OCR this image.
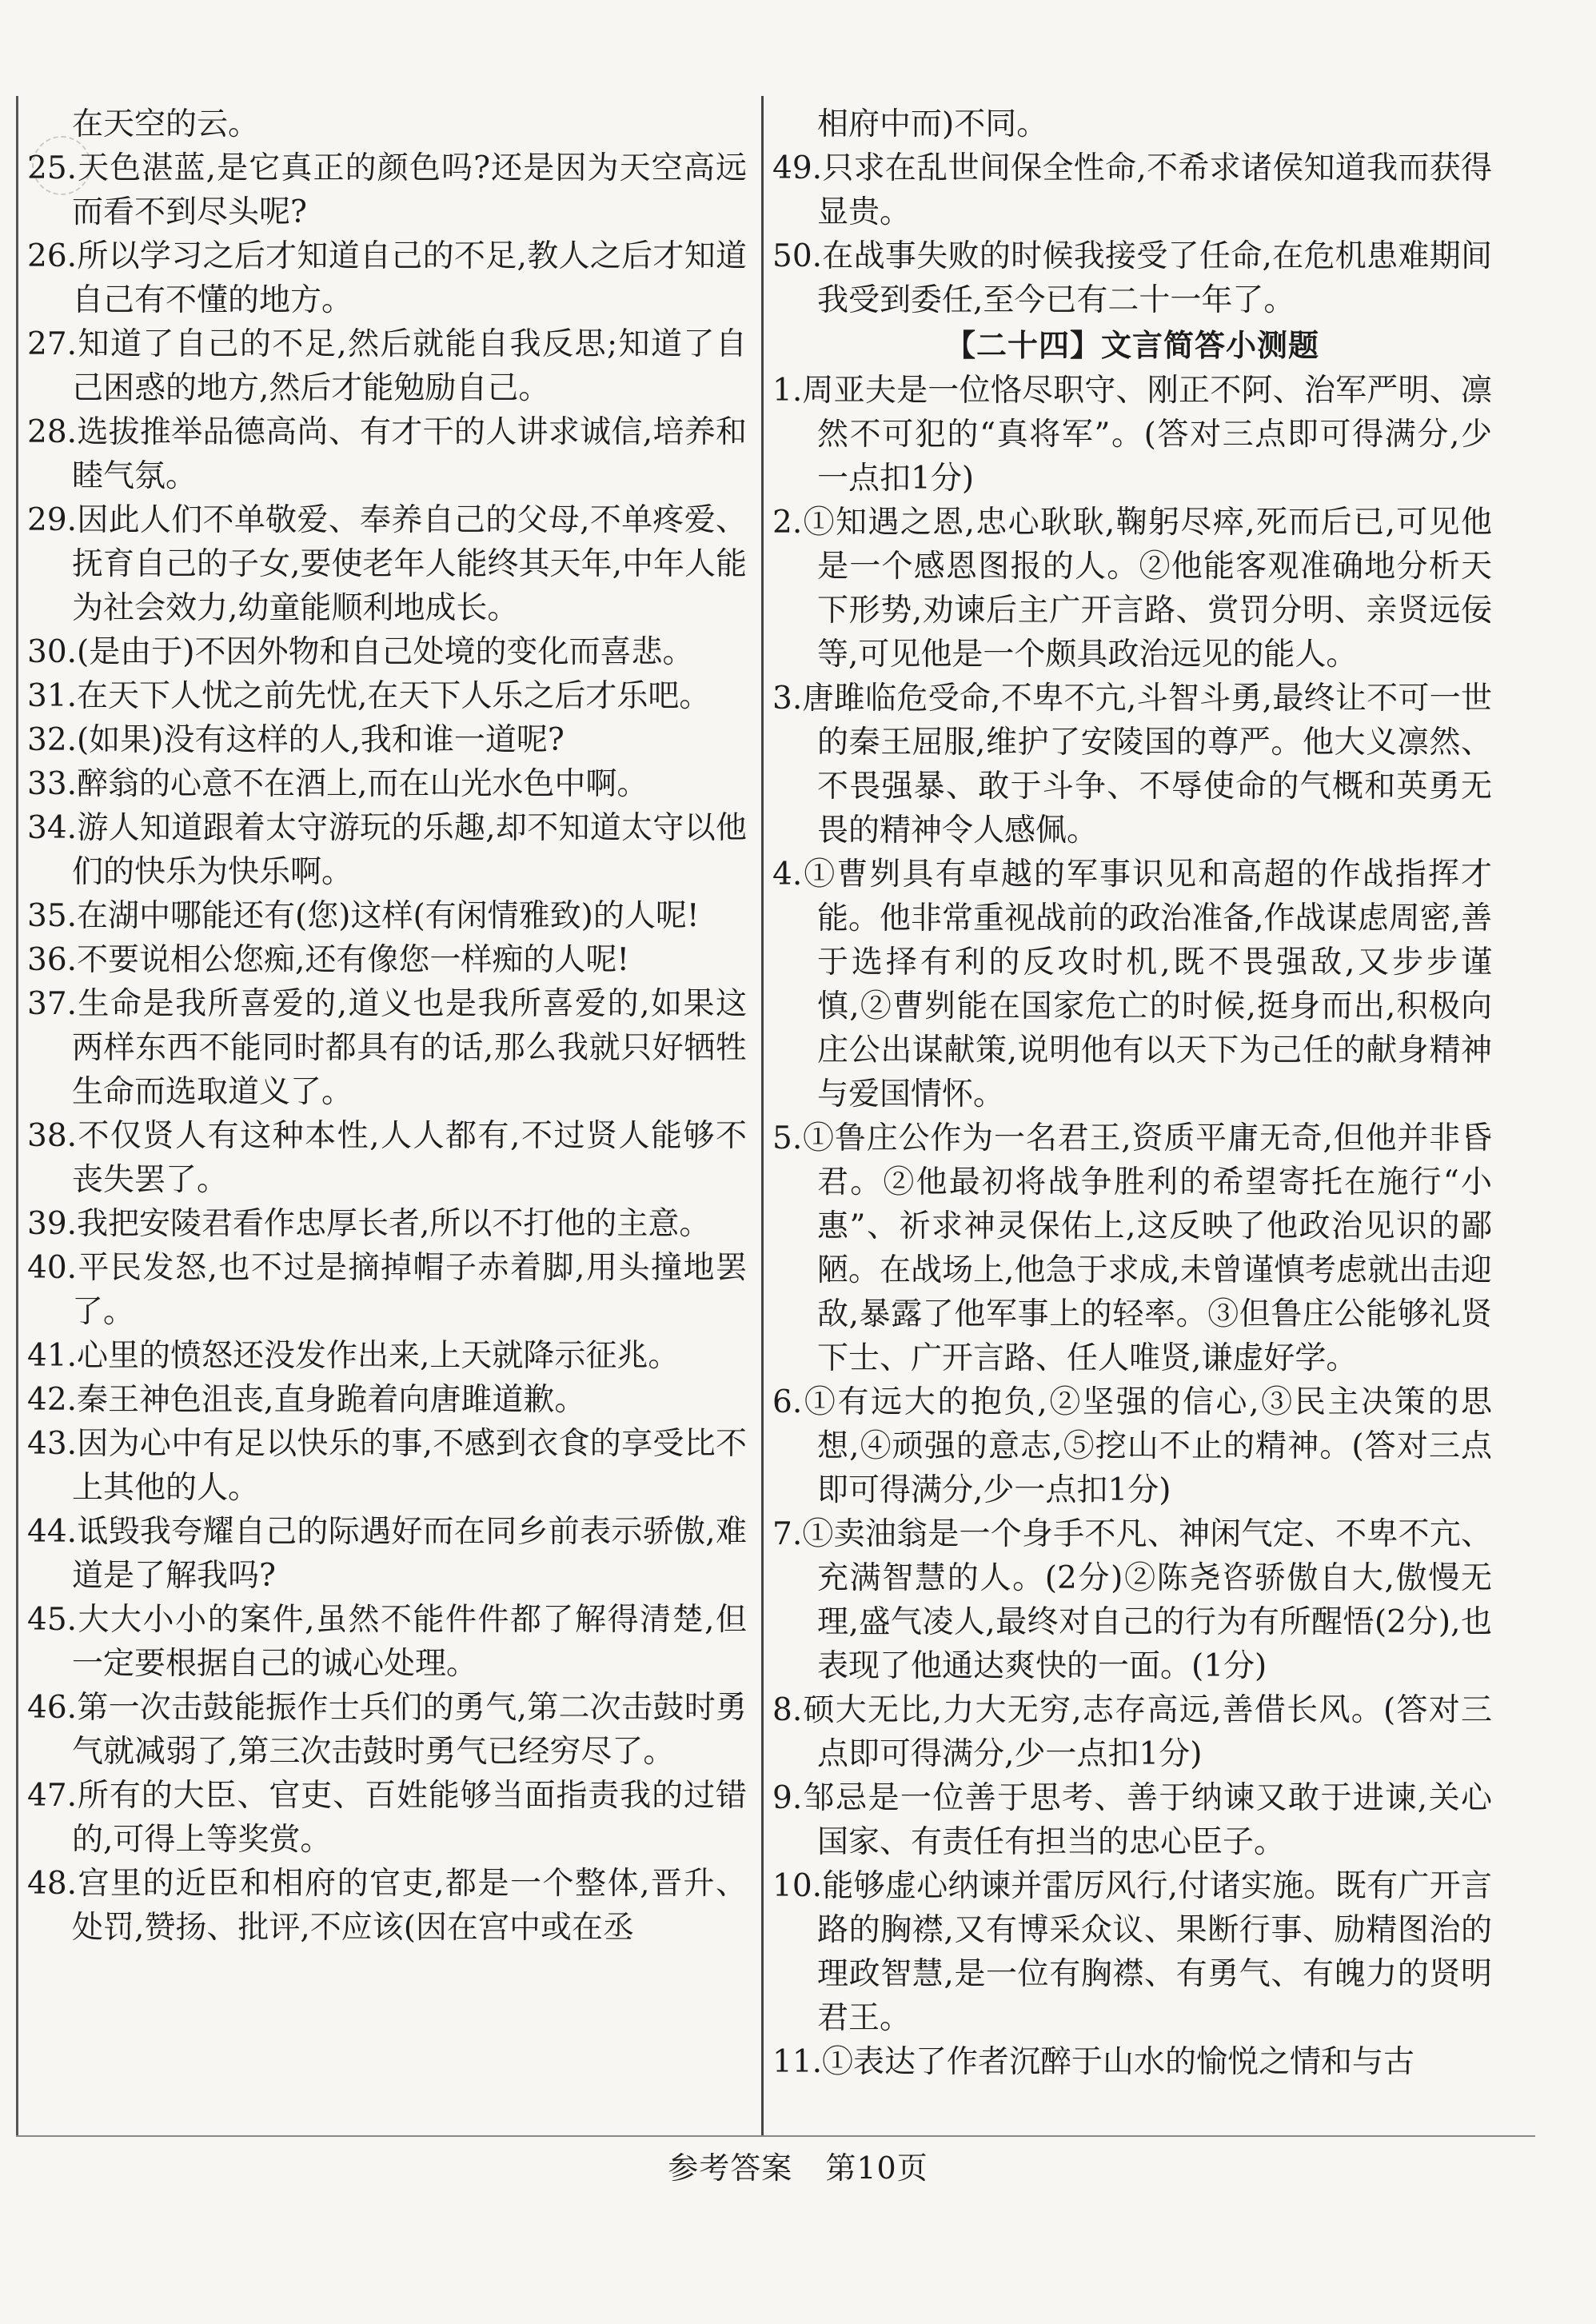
在天空的云。

25.天色湛蓝,是它真正的颜色吗?还是因为天空高远而看不到尽头呢?

26.所以学习之后才知道自己的不足,教人之后才知道自己有不懂的地方。

27.知道了自己的不足,然后就能自我反思;知道了自己困惑的地方,然后才能勉励自己。

28.选拔推举品德高尚、有才干的人讲求诚信,培养和睦气氛。

29.因此人们不单敬爱、奉养自己的父母,不单疼爱、抚育自己的子女,要使老年人能终其天年,中年人能为社会效力,幼童能顺利地成长。

30.(是由于)不因外物和自己处境的变化而喜悲。

31.在天下人忧之前先忧,在天下人乐之后才乐吧。

32.(如果)没有这样的人,我和谁一道呢?

33.醉翁的心意不在酒上,而在山光水色中啊。

34.游人知道跟着太守游玩的乐趣,却不知道太守以他们的快乐为快乐啊。

35.在湖中哪能还有(您)这样(有闲情雅致)的人呢!

36.不要说相公您痴,还有像您一样痴的人呢!

37.生命是我所喜爱的,道义也是我所喜爱的,如果这两样东西不能同时都具有的话,那么我就只好牺牲生命而选取道义了。

38.不仅贤人有这种本性,人人都有,不过贤人能够不丧失罢了。

39.我把安陵君看作忠厚长者,所以不打他的主意。

40.平民发怒,也不过是摘掉帽子赤着脚,用头撞地罢了。

41.心里的愤怒还没发作出来,上天就降示征兆。

42.秦王神色沮丧,直身跪着向唐雎道歉。

43.因为心中有足以快乐的事,不感到衣食的享受比不上其他的人。

44.诋毁我夸耀自己的际遇好而在同乡前表示骄傲,难道是了解我吗?

45.大大小小的案件,虽然不能件件都了解得清楚,但一定要根据自己的诚心处理。

46.第一次击鼓能振作士兵们的勇气,第二次击鼓时勇气就减弱了,第三次击鼓时勇气已经穷尽了。

47.所有的大臣、官吏、百姓能够当面指责我的过错的,可得上等奖赏。

48.宫里的近臣和相府的官吏,都是一个整体,晋升、处罚,赞扬、批评,不应该(因在宫中或在丞

相府中而)不同。

49.只求在乱世间保全性命,不希求诸侯知道我而获得显贵。

50.在战事失败的时候我接受了任命,在危机患难期间我受到委任,至今已有二十一年了。

【二十四】文言简答小测题

1.周亚夫是一位恪尽职守、刚正不阿、治军严明、凛然不可犯的“真将军”。(答对三点即可得满分,少一点扣1分)

2.①知遇之恩,忠心耿耿,鞠躬尽瘁,死而后已,可见他是一个感恩图报的人。②他能客观准确地分析天下形势,劝谏后主广开言路、赏罚分明、亲贤远佞等,可见他是一个颇具政治远见的能人。

3.唐雎临危受命,不卑不亢,斗智斗勇,最终让不可一世的秦王屈服,维护了安陵国的尊严。他大义凛然、不畏强暴、敢于斗争、不辱使命的气概和英勇无畏的精神令人感佩。

4.①曹刿具有卓越的军事识见和高超的作战指挥才能。他非常重视战前的政治准备,作战谋虑周密,善于选择有利的反攻时机,既不畏强敌,又步步谨慎,②曹刿能在国家危亡的时候,挺身而出,积极向庄公出谋献策,说明他有以天下为己任的献身精神与爱国情怀。

5.①鲁庄公作为一名君王,资质平庸无奇,但他并非昏君。②他最初将战争胜利的希望寄托在施行“小惠”、祈求神灵保佑上,这反映了他政治见识的鄙陋。在战场上,他急于求成,未曾谨慎考虑就出击迎敌,暴露了他军事上的轻率。③但鲁庄公能够礼贤下士、广开言路、任人唯贤,谦虚好学。

6.①有远大的抱负,②坚强的信心,③民主决策的思想,④顽强的意志,⑤挖山不止的精神。(答对三点即可得满分,少一点扣1分)

7.①卖油翁是一个身手不凡、神闲气定、不卑不亢、充满智慧的人。(2分)②陈尧咨骄傲自大,傲慢无理,盛气凌人,最终对自己的行为有所醒悟(2分),也表现了他通达爽快的一面。(1分)

8.硕大无比,力大无穷,志存高远,善借长风。(答对三点即可得满分,少一点扣1分)

9.邹忌是一位善于思考、善于纳谏又敢于进谏,关心国家、有责任有担当的忠心臣子。

10.能够虚心纳谏并雷厉风行,付诸实施。既有广开言路的胸襟,又有博采众议、果断行事、励精图治的理政智慧,是一位有胸襟、有勇气、有魄力的贤明君王。

11.①表达了作者沉醉于山水的愉悦之情和与古

参考答案 第10页
